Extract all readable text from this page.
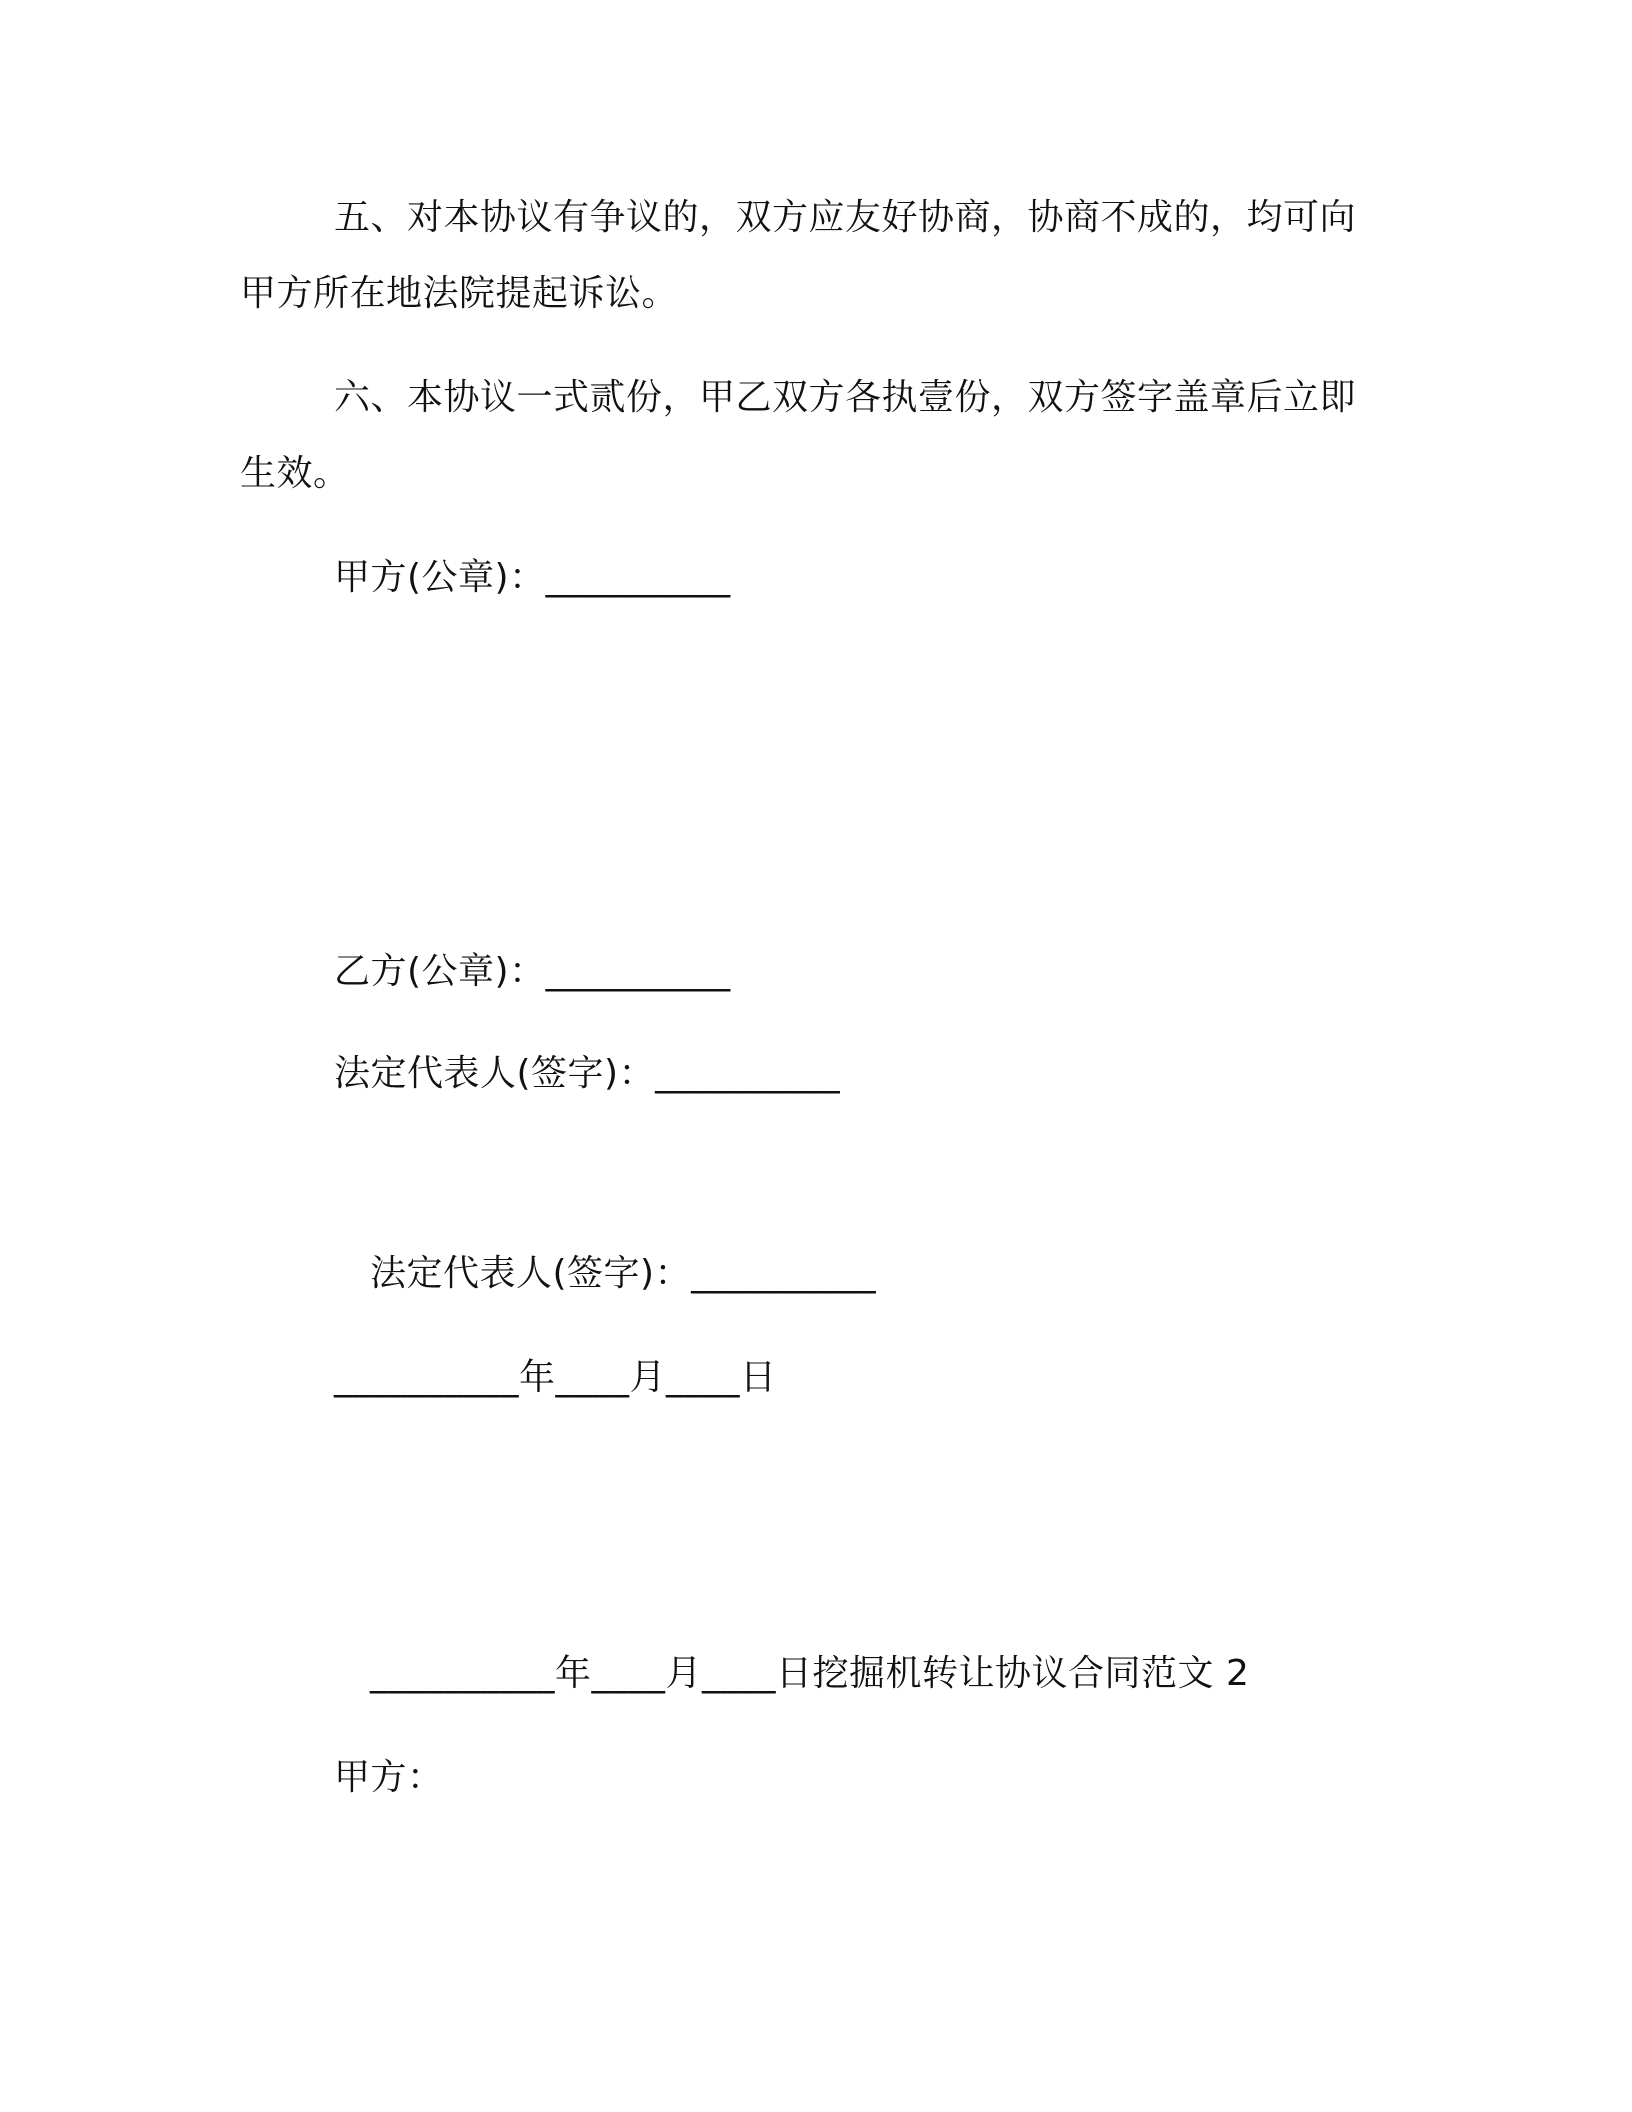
五、对本协议有争议的，双方应友好协商，协商不成的，均可向
甲方所在地法院提起诉讼。
六、本协议一式贰份，甲乙双方各执壹份，双方签字盖章后立即
生效。
甲方(公章)：__________
乙方(公章)：__________
法定代表人(签字)：__________
法定代表人(签字)：__________
__________年____月____日
__________年____月____日挖掘机转让协议合同范文 2
甲方：
